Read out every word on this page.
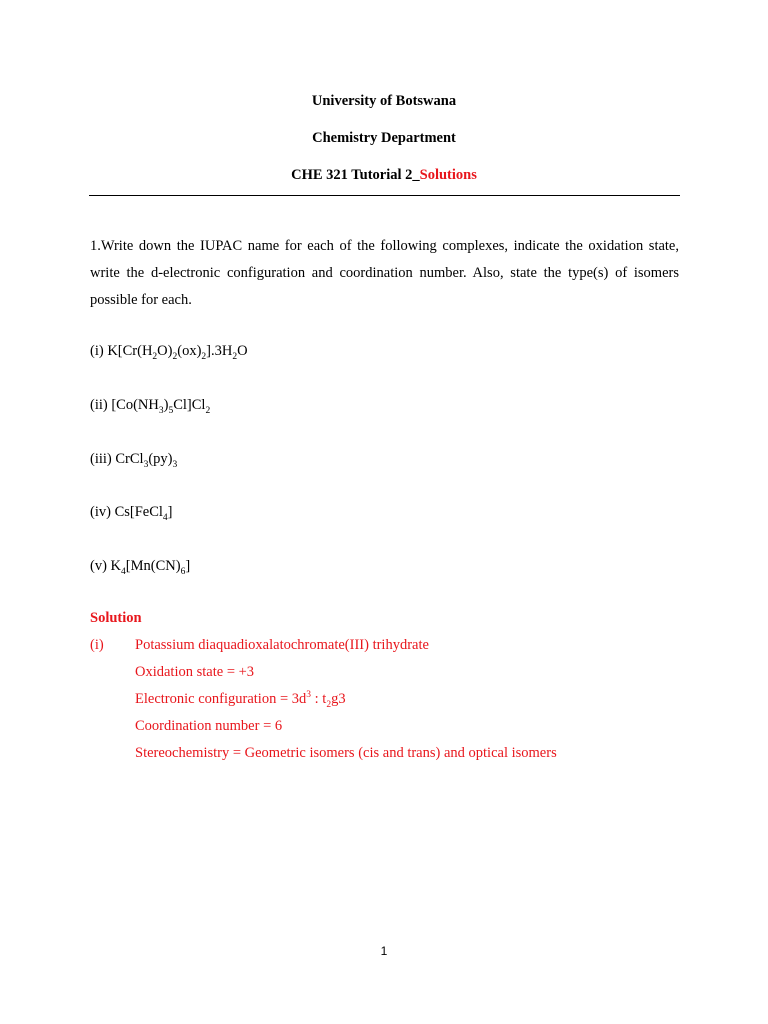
University of Botswana
Chemistry Department
CHE 321 Tutorial 2_Solutions
1.Write down the IUPAC name for each of the following complexes, indicate the oxidation state, write the d-electronic configuration and coordination number. Also, state the type(s) of isomers possible for each.
(i) $K[Cr(H_2O)_2(ox)_2].3H_2O$
(ii) $[Co(NH_3)_5Cl]Cl_2$
(iii) $CrCl_3(py)_3$
(iv) Cs[FeCl$_4$]
(v) $K_4[Mn(CN)_6]$
Solution
(i) Potassium diaquadioxalatochromate(III) trihydrate
Oxidation state = +3
Electronic configuration = $3d^3$ : $t_2g3$
Coordination number = 6
Stereochemistry = Geometric isomers (cis and trans) and optical isomers
1
